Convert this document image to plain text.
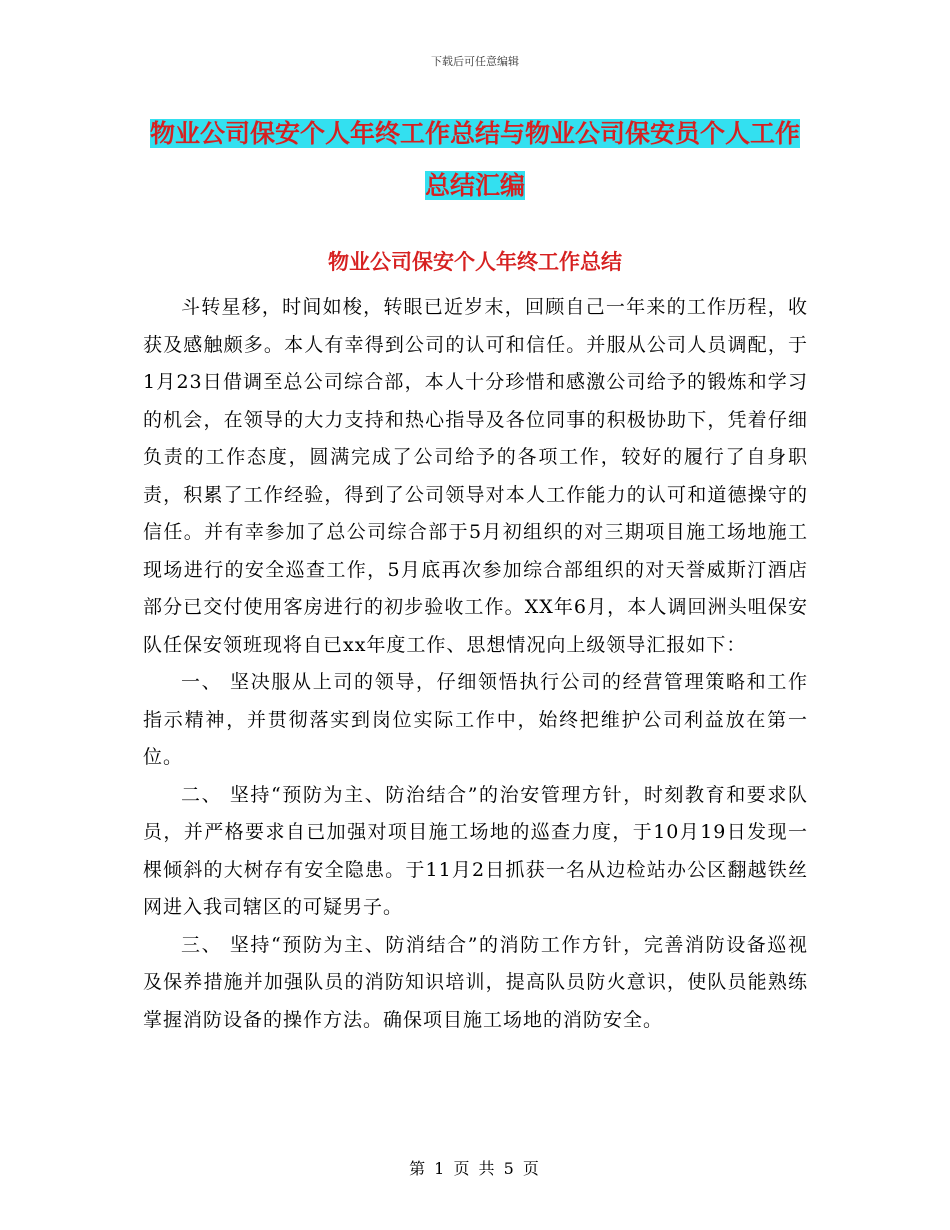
下载后可任意编辑
物业公司保安个人年终工作总结与物业公司保安员个人工作总结汇编
物业公司保安个人年终工作总结

斗转星移，时间如梭，转眼已近岁末，回顾自己一年来的工作历程，收获及感触颇多。本人有幸得到公司的认可和信任。并服从公司人员调配，于1月23日借调至总公司综合部，本人十分珍惜和感激公司给予的锻炼和学习的机会，在领导的大力支持和热心指导及各位同事的积极协助下，凭着仔细负责的工作态度，圆满完成了公司给予的各项工作，较好的履行了自身职责，积累了工作经验，得到了公司领导对本人工作能力的认可和道德操守的信任。并有幸参加了总公司综合部于5月初组织的对三期项目施工场地施工现场进行的安全巡查工作，5月底再次参加综合部组织的对天誉威斯汀酒店部分已交付使用客房进行的初步验收工作。XX年6月，本人调回洲头咀保安队任保安领班现将自已xx年度工作、思想情况向上级领导汇报如下：

一、 坚决服从上司的领导，仔细领悟执行公司的经营管理策略和工作 指示精神，并贯彻落实到岗位实际工作中，始终把维护公司利益放在第一位。

二、 坚持“预防为主、防治结合”的治安管理方针，时刻教育和要求队员，并严格要求自已加强对项目施工场地的巡查力度，于10月19日发现一棵倾斜的大树存有安全隐患。于11月2日抓获一名从边检站办公区翻越铁丝网进入我司辖区的可疑男子。

三、 坚持“预防为主、防消结合”的消防工作方针，完善消防设备巡视及保养措施并加强队员的消防知识培训，提高队员防火意识，使队员能熟练掌握消防设备的操作方法。确保项目施工场地的消防安全。

第 1 页 共 5 页
